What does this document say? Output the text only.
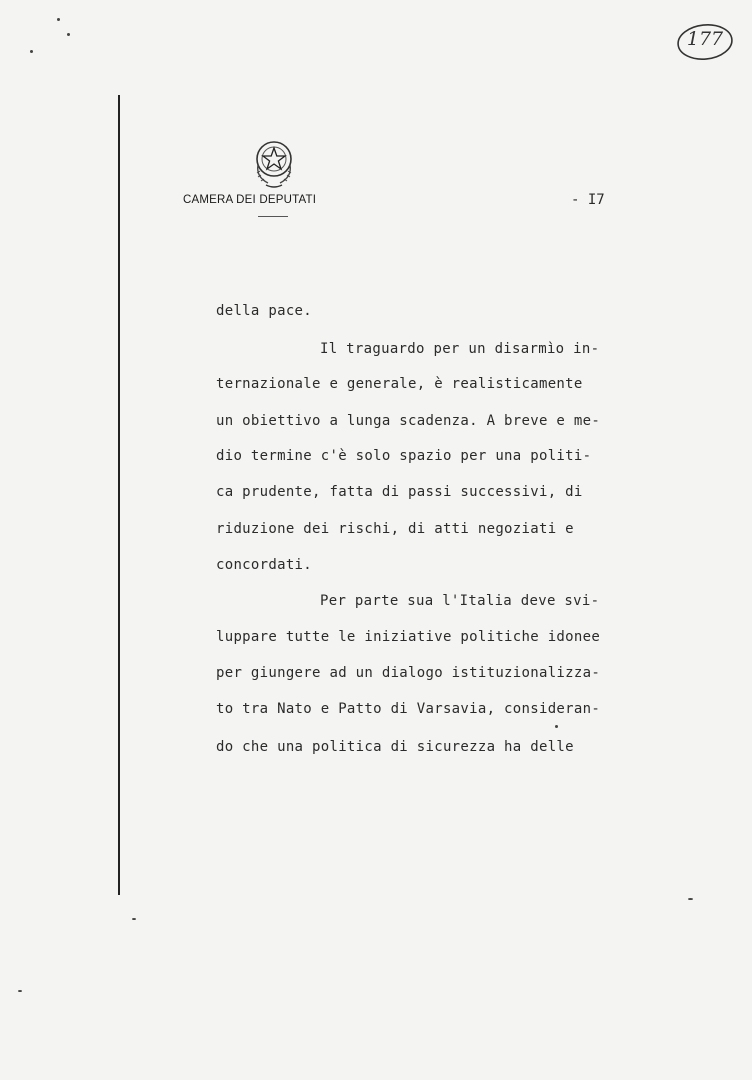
CAMERA DEI DEPUTATI	- I7
177
della pace.
Il traguardo per un disarmìo in-
ternazionale e generale, è realisticamente
un obiettivo a lunga scadenza. A breve e me-
dio termine c'è solo spazio per una politi-
ca prudente, fatta di passi successivi, di
riduzione dei rischi, di atti negoziati e
concordati.
Per parte sua l'Italia deve svi-
luppare tutte le iniziative politiche idonee
per giungere ad un dialogo istituzionalizza-
to tra Nato e Patto di Varsavia, consideran-
do che una politica di sicurezza ha delle
